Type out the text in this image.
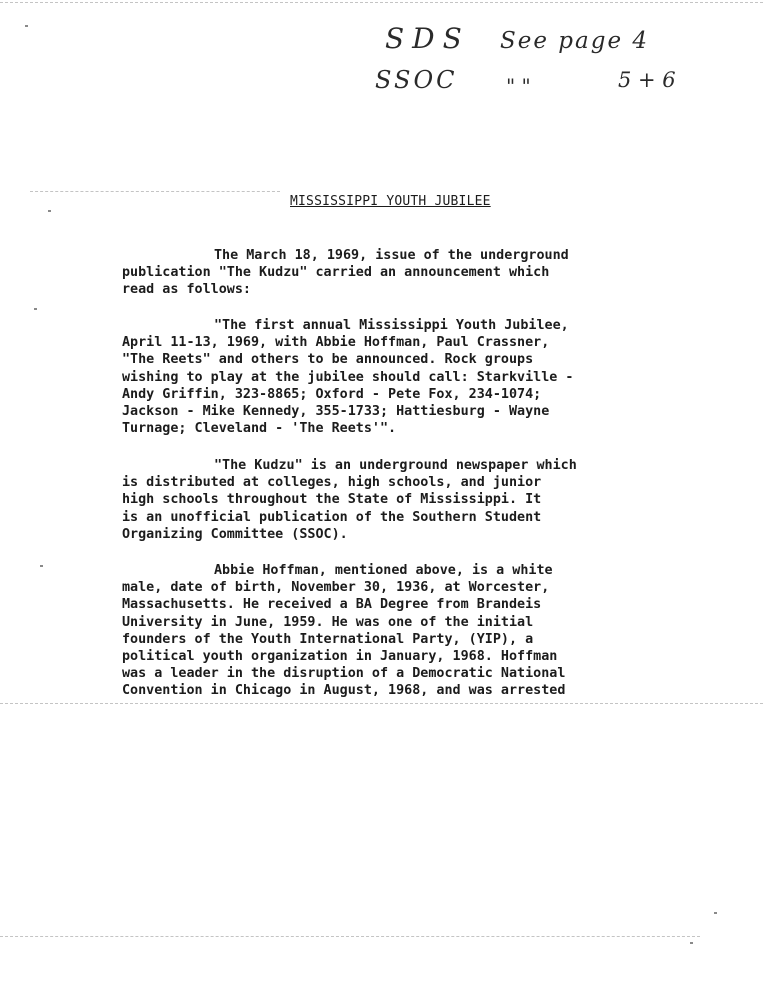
SDS See page 4
SSOC " "	5 + 6
MISSISSIPPI YOUTH JUBILEE
The March 18, 1969, issue of the underground
publication "The Kudzu" carried an announcement which
read as follows:
"The first annual Mississippi Youth Jubilee,
April 11-13, 1969, with Abbie Hoffman, Paul Crassner,
"The Reets" and others to be announced. Rock groups
wishing to play at the jubilee should call: Starkville -
Andy Griffin, 323-8865; Oxford - Pete Fox, 234-1074;
Jackson - Mike Kennedy, 355-1733; Hattiesburg - Wayne
Turnage; Cleveland - 'The Reets'".
"The Kudzu" is an underground newspaper which
is distributed at colleges, high schools, and junior
high schools throughout the State of Mississippi. It
is an unofficial publication of the Southern Student
Organizing Committee (SSOC).
Abbie Hoffman, mentioned above, is a white
male, date of birth, November 30, 1936, at Worcester,
Massachusetts. He received a BA Degree from Brandeis
University in June, 1959. He was one of the initial
founders of the Youth International Party, (YIP), a
political youth organization in January, 1968. Hoffman
was a leader in the disruption of a Democratic National
Convention in Chicago in August, 1968, and was arrested
